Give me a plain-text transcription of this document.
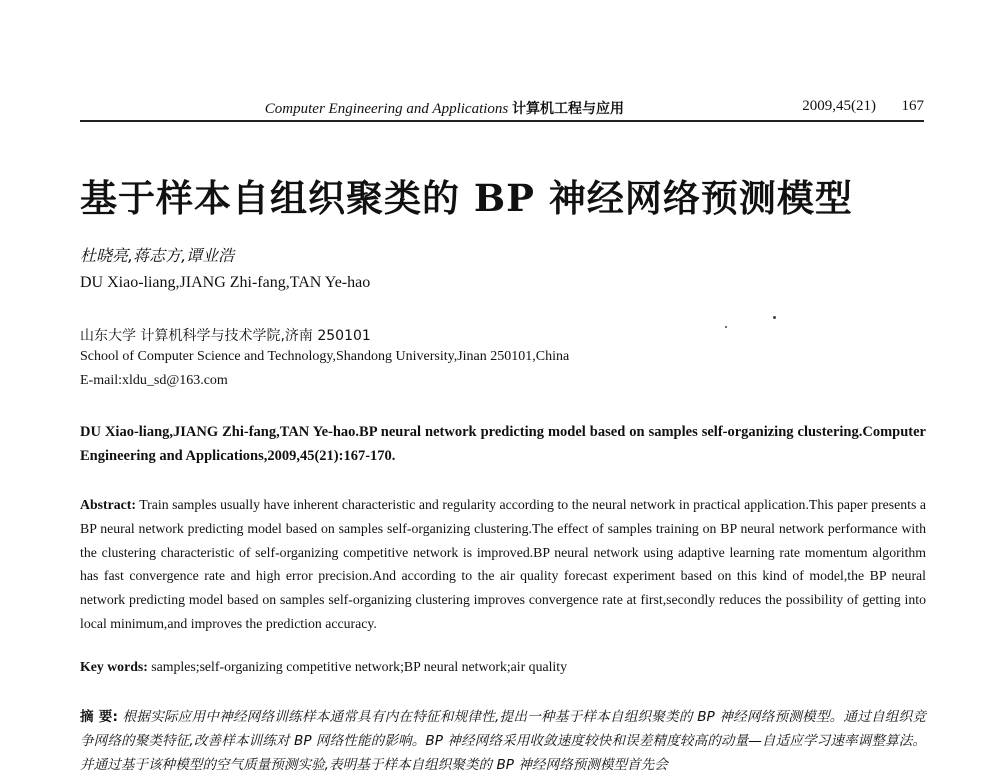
Computer Engineering and Applications 计算机工程与应用	2009,45(21) 167
基于样本自组织聚类的 BP 神经网络预测模型
杜晓亮,蒋志方,谭业浩
DU Xiao-liang,JIANG Zhi-fang,TAN Ye-hao
山东大学 计算机科学与技术学院,济南 250101
School of Computer Science and Technology,Shandong University,Jinan 250101,China
E-mail:xldu_sd@163.com
DU Xiao-liang,JIANG Zhi-fang,TAN Ye-hao.BP neural network predicting model based on samples self-organizing clustering.Computer Engineering and Applications,2009,45(21):167-170.
Abstract: Train samples usually have inherent characteristic and regularity according to the neural network in practical application.This paper presents a BP neural network predicting model based on samples self-organizing clustering.The effect of samples training on BP neural network performance with the clustering characteristic of self-organizing competitive network is improved.BP neural network using adaptive learning rate momentum algorithm has fast convergence rate and high error precision.And according to the air quality forecast experiment based on this kind of model,the BP neural network predicting model based on samples self-organizing clustering improves convergence rate at first,secondly reduces the possibility of getting into local minimum,and improves the prediction accuracy.
Key words: samples;self-organizing competitive network;BP neural network;air quality
摘 要: 根据实际应用中神经网络训练样本通常具有内在特征和规律性,提出一种基于样本自组织聚类的 BP 神经网络预测模型。通过自组织竞争网络的聚类特征,改善样本训练对 BP 网络性能的影响。BP 神经网络采用收敛速度较快和误差精度较高的动量—自适应学习速率调整算法。并通过基于该种模型的空气质量预测实验,表明基于样本自组织聚类的 BP 神经网络预测模型首先会
